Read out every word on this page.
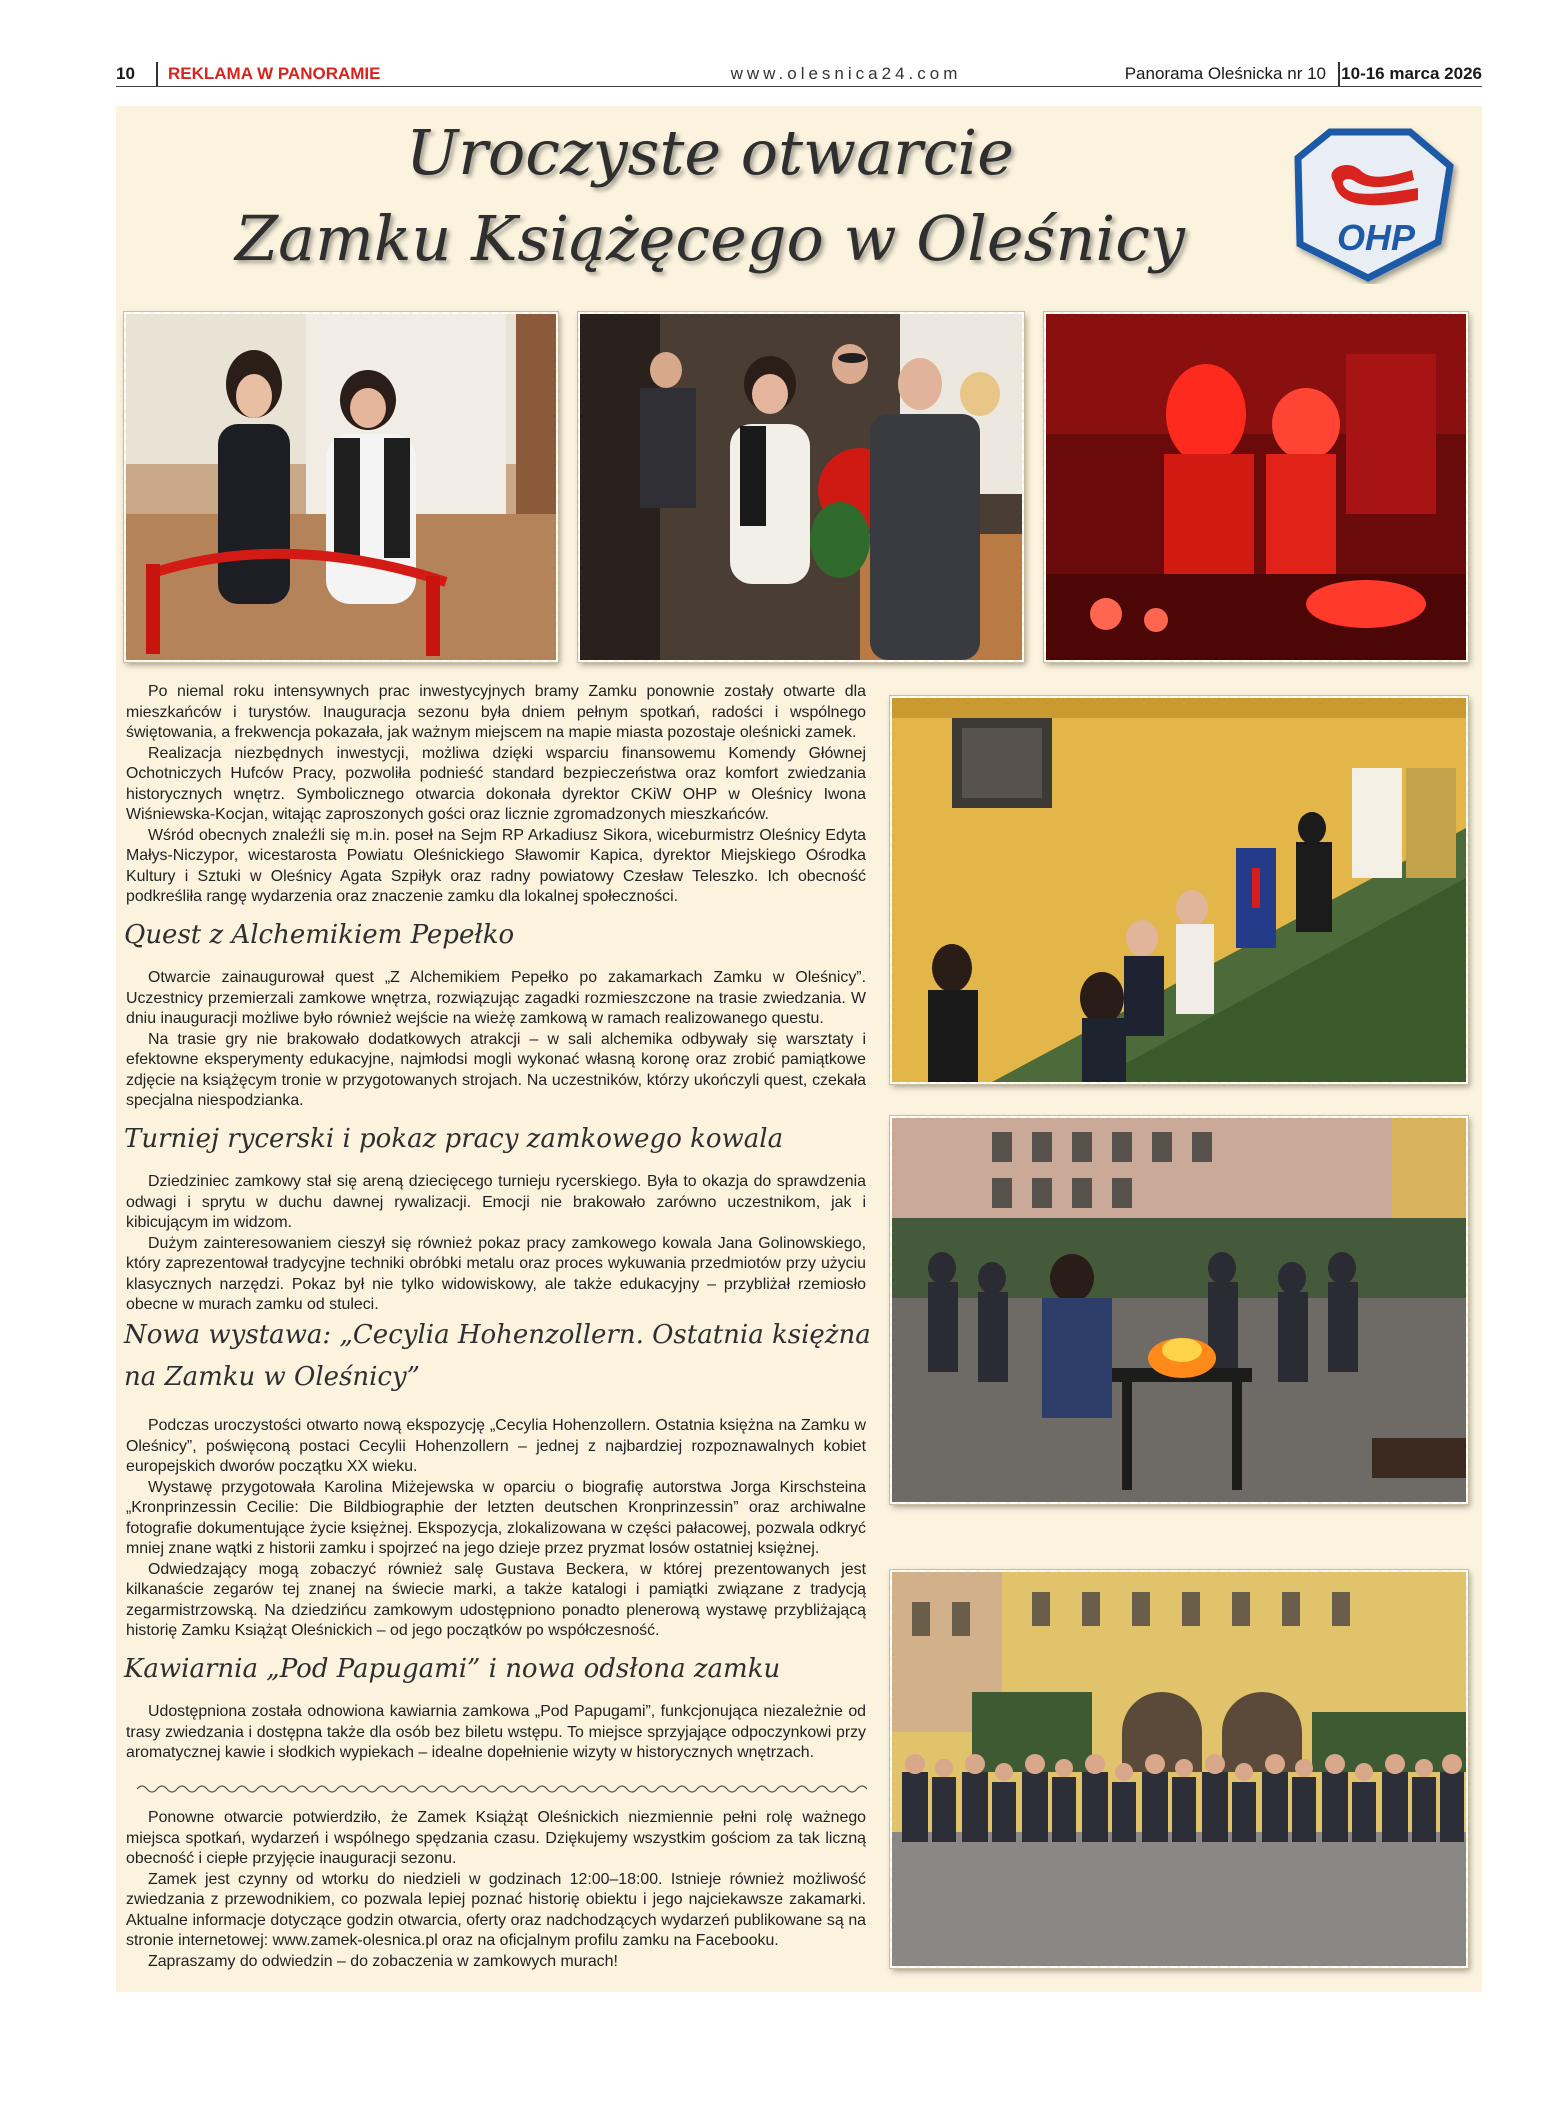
10 REKLAMA W PANORAMIE	www.olesnica24.com	Panorama Oleśnicka nr 10 10-16 marca 2026
Uroczyste otwarcie
Zamku Książęcego w Oleśnicy	OHP

Po niemal roku intensywnych prac inwestycyjnych bramy Zamku ponownie zostały otwarte dla mieszkańców i turystów. Inauguracja sezonu była dniem pełnym spotkań, radości i wspólnego świętowania, a frekwencja pokazała, jak ważnym miejscem na mapie miasta pozostaje oleśnicki zamek.

Realizacja niezbędnych inwestycji, możliwa dzięki wsparciu finansowemu Komendy Głównej Ochotniczych Hufców Pracy, pozwoliła podnieść standard bezpieczeństwa oraz komfort zwiedzania historycznych wnętrz. Symbolicznego otwarcia dokonała dyrektor CKiW OHP w Oleśnicy Iwona Wiśniewska-Kocjan, witając zaproszonych gości oraz licznie zgromadzonych mieszkańców.

Wśród obecnych znaleźli się m.in. poseł na Sejm RP Arkadiusz Sikora, wiceburmistrz Oleśnicy Edyta Małys-Niczypor, wicestarosta Powiatu Oleśnickiego Sławomir Kapica, dyrektor Miejskiego Ośrodka Kultury i Sztuki w Oleśnicy Agata Szpiłyk oraz radny powiatowy Czesław Teleszko. Ich obecność podkreśliła rangę wydarzenia oraz znaczenie zamku dla lokalnej społeczności.

Quest z Alchemikiem Pepełko

Otwarcie zainaugurował quest „Z Alchemikiem Pepełko po zakamarkach Zamku w Oleśnicy”. Uczestnicy przemierzali zamkowe wnętrza, rozwiązując zagadki rozmieszczone na trasie zwiedzania. W dniu inauguracji możliwe było również wejście na wieżę zamkową w ramach realizowanego questu.

Na trasie gry nie brakowało dodatkowych atrakcji – w sali alchemika odbywały się warsztaty i efektowne eksperymenty edukacyjne, najmłodsi mogli wykonać własną koronę oraz zrobić pamiątkowe zdjęcie na książęcym tronie w przygotowanych strojach. Na uczestników, którzy ukończyli quest, czekała specjalna niespodzianka.

Turniej rycerski i pokaz pracy zamkowego kowala

Dziedziniec zamkowy stał się areną dziecięcego turnieju rycerskiego. Była to okazja do sprawdzenia odwagi i sprytu w duchu dawnej rywalizacji. Emocji nie brakowało zarówno uczestnikom, jak i kibicującym im widzom.

Dużym zainteresowaniem cieszył się również pokaz pracy zamkowego kowala Jana Golinowskiego, który zaprezentował tradycyjne techniki obróbki metalu oraz proces wykuwania przedmiotów przy użyciu klasycznych narzędzi. Pokaz był nie tylko widowiskowy, ale także edukacyjny – przybliżał rzemiosło obecne w murach zamku od stuleci.

Nowa wystawa: „Cecylia Hohenzollern. Ostatnia księżna
na Zamku w Oleśnicy”

Podczas uroczystości otwarto nową ekspozycję „Cecylia Hohenzollern. Ostatnia księżna na Zamku w Oleśnicy”, poświęconą postaci Cecylii Hohenzollern – jednej z najbardziej rozpoznawalnych kobiet europejskich dworów początku XX wieku.

Wystawę przygotowała Karolina Miżejewska w oparciu o biografię autorstwa Jorga Kirschsteina „Kronprinzessin Cecilie: Die Bildbiographie der letzten deutschen Kronprinzessin” oraz archiwalne fotografie dokumentujące życie księżnej. Ekspozycja, zlokalizowana w części pałacowej, pozwala odkryć mniej znane wątki z historii zamku i spojrzeć na jego dzieje przez pryzmat losów ostatniej księżnej.

Odwiedzający mogą zobaczyć również salę Gustava Beckera, w której prezentowanych jest kilkanaście zegarów tej znanej na świecie marki, a także katalogi i pamiątki związane z tradycją zegarmistrzowską. Na dziedzińcu zamkowym udostępniono ponadto plenerową wystawę przybliżającą historię Zamku Książąt Oleśnickich – od jego początków po współczesność.

Kawiarnia „Pod Papugami” i nowa odsłona zamku

Udostępniona została odnowiona kawiarnia zamkowa „Pod Papugami”, funkcjonująca niezależnie od trasy zwiedzania i dostępna także dla osób bez biletu wstępu. To miejsce sprzyjające odpoczynkowi przy aromatycznej kawie i słodkich wypiekach – idealne dopełnienie wizyty w historycznych wnętrzach.

Ponowne otwarcie potwierdziło, że Zamek Książąt Oleśnickich niezmiennie pełni rolę ważnego miejsca spotkań, wydarzeń i wspólnego spędzania czasu. Dziękujemy wszystkim gościom za tak liczną obecność i ciepłe przyjęcie inauguracji sezonu.

Zamek jest czynny od wtorku do niedzieli w godzinach 12:00–18:00. Istnieje również możliwość zwiedzania z przewodnikiem, co pozwala lepiej poznać historię obiektu i jego najciekawsze zakamarki. Aktualne informacje dotyczące godzin otwarcia, oferty oraz nadchodzących wydarzeń publikowane są na stronie internetowej: www.zamek-olesnica.pl oraz na oficjalnym profilu zamku na Facebooku.

Zapraszamy do odwiedzin – do zobaczenia w zamkowych murach!
